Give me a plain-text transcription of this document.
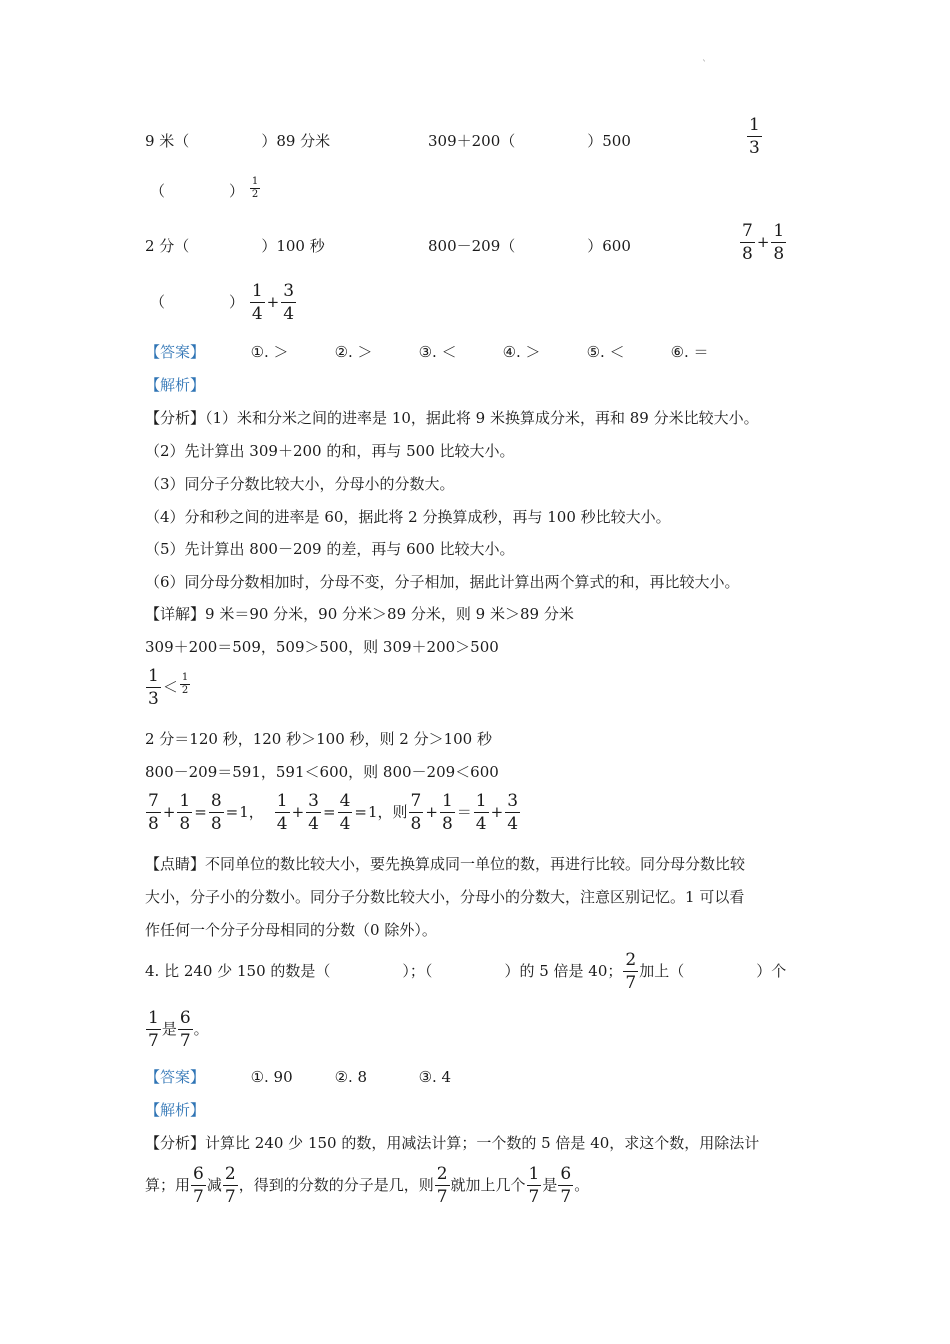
`
9 米（	）89 分米	309＋200（	）500	$\frac{1}{3}$
（	） $\frac{1}{2}$
2 分（	）100 秒	800－209（	）600	$\frac{7}{8} + \frac{1}{8}$
（	） $\frac{1}{4} + \frac{3}{4}$
【答案】	①. ＞	②. ＞	③. ＜	④. ＞	⑤. ＜	⑥. ＝
【解析】
【分析】（1）米和分米之间的进率是 10，据此将 9 米换算成分米，再和 89 分米比较大小。
（2）先计算出 309＋200 的和，再与 500 比较大小。
（3）同分子分数比较大小，分母小的分数大。
（4）分和秒之间的进率是 60，据此将 2 分换算成秒，再与 100 秒比较大小。
（5）先计算出 800－209 的差，再与 600 比较大小。
（6）同分母分数相加时，分母不变，分子相加，据此计算出两个算式的和，再比较大小。
【详解】9 米＝90 分米，90 分米＞89 分米，则 9 米＞89 分米
309＋200＝509，509＞500，则 309＋200＞500
$\frac{1}{3} < \frac{1}{2}$
2 分＝120 秒，120 秒＞100 秒，则 2 分＞100 秒
800－209＝591，591＜600，则 800－209＜600
$\frac{7}{8} + \frac{1}{8} = \frac{8}{8} =1$， $\frac{1}{4} + \frac{3}{4} = \frac{4}{4} =1$，则 $\frac{7}{8} + \frac{1}{8} = \frac{1}{4} + \frac{3}{4}$
【点睛】不同单位的数比较大小，要先换算成同一单位的数，再进行比较。同分母分数比较
大小，分子小的分数小。同分子分数比较大小，分母小的分数大，注意区别记忆。1 可以看
作任何一个分子分母相同的分数（0 除外）。
4. 比 240 少 150 的数是（	）；（	）的 5 倍是 40； $\frac{2}{7}$ 加上（	）个
$\frac{1}{7}$ 是 $\frac{6}{7}$ 。
【答案】	①. 90	②. 8	③. 4
【解析】
【分析】计算比 240 少 150 的数，用减法计算；一个数的 5 倍是 40，求这个数，用除法计
算；用 $\frac{6}{7}$ 减 $\frac{2}{7}$ ，得到的分数的分子是几，则 $\frac{2}{7}$ 就加上几个 $\frac{1}{7}$ 是 $\frac{6}{7}$ 。
